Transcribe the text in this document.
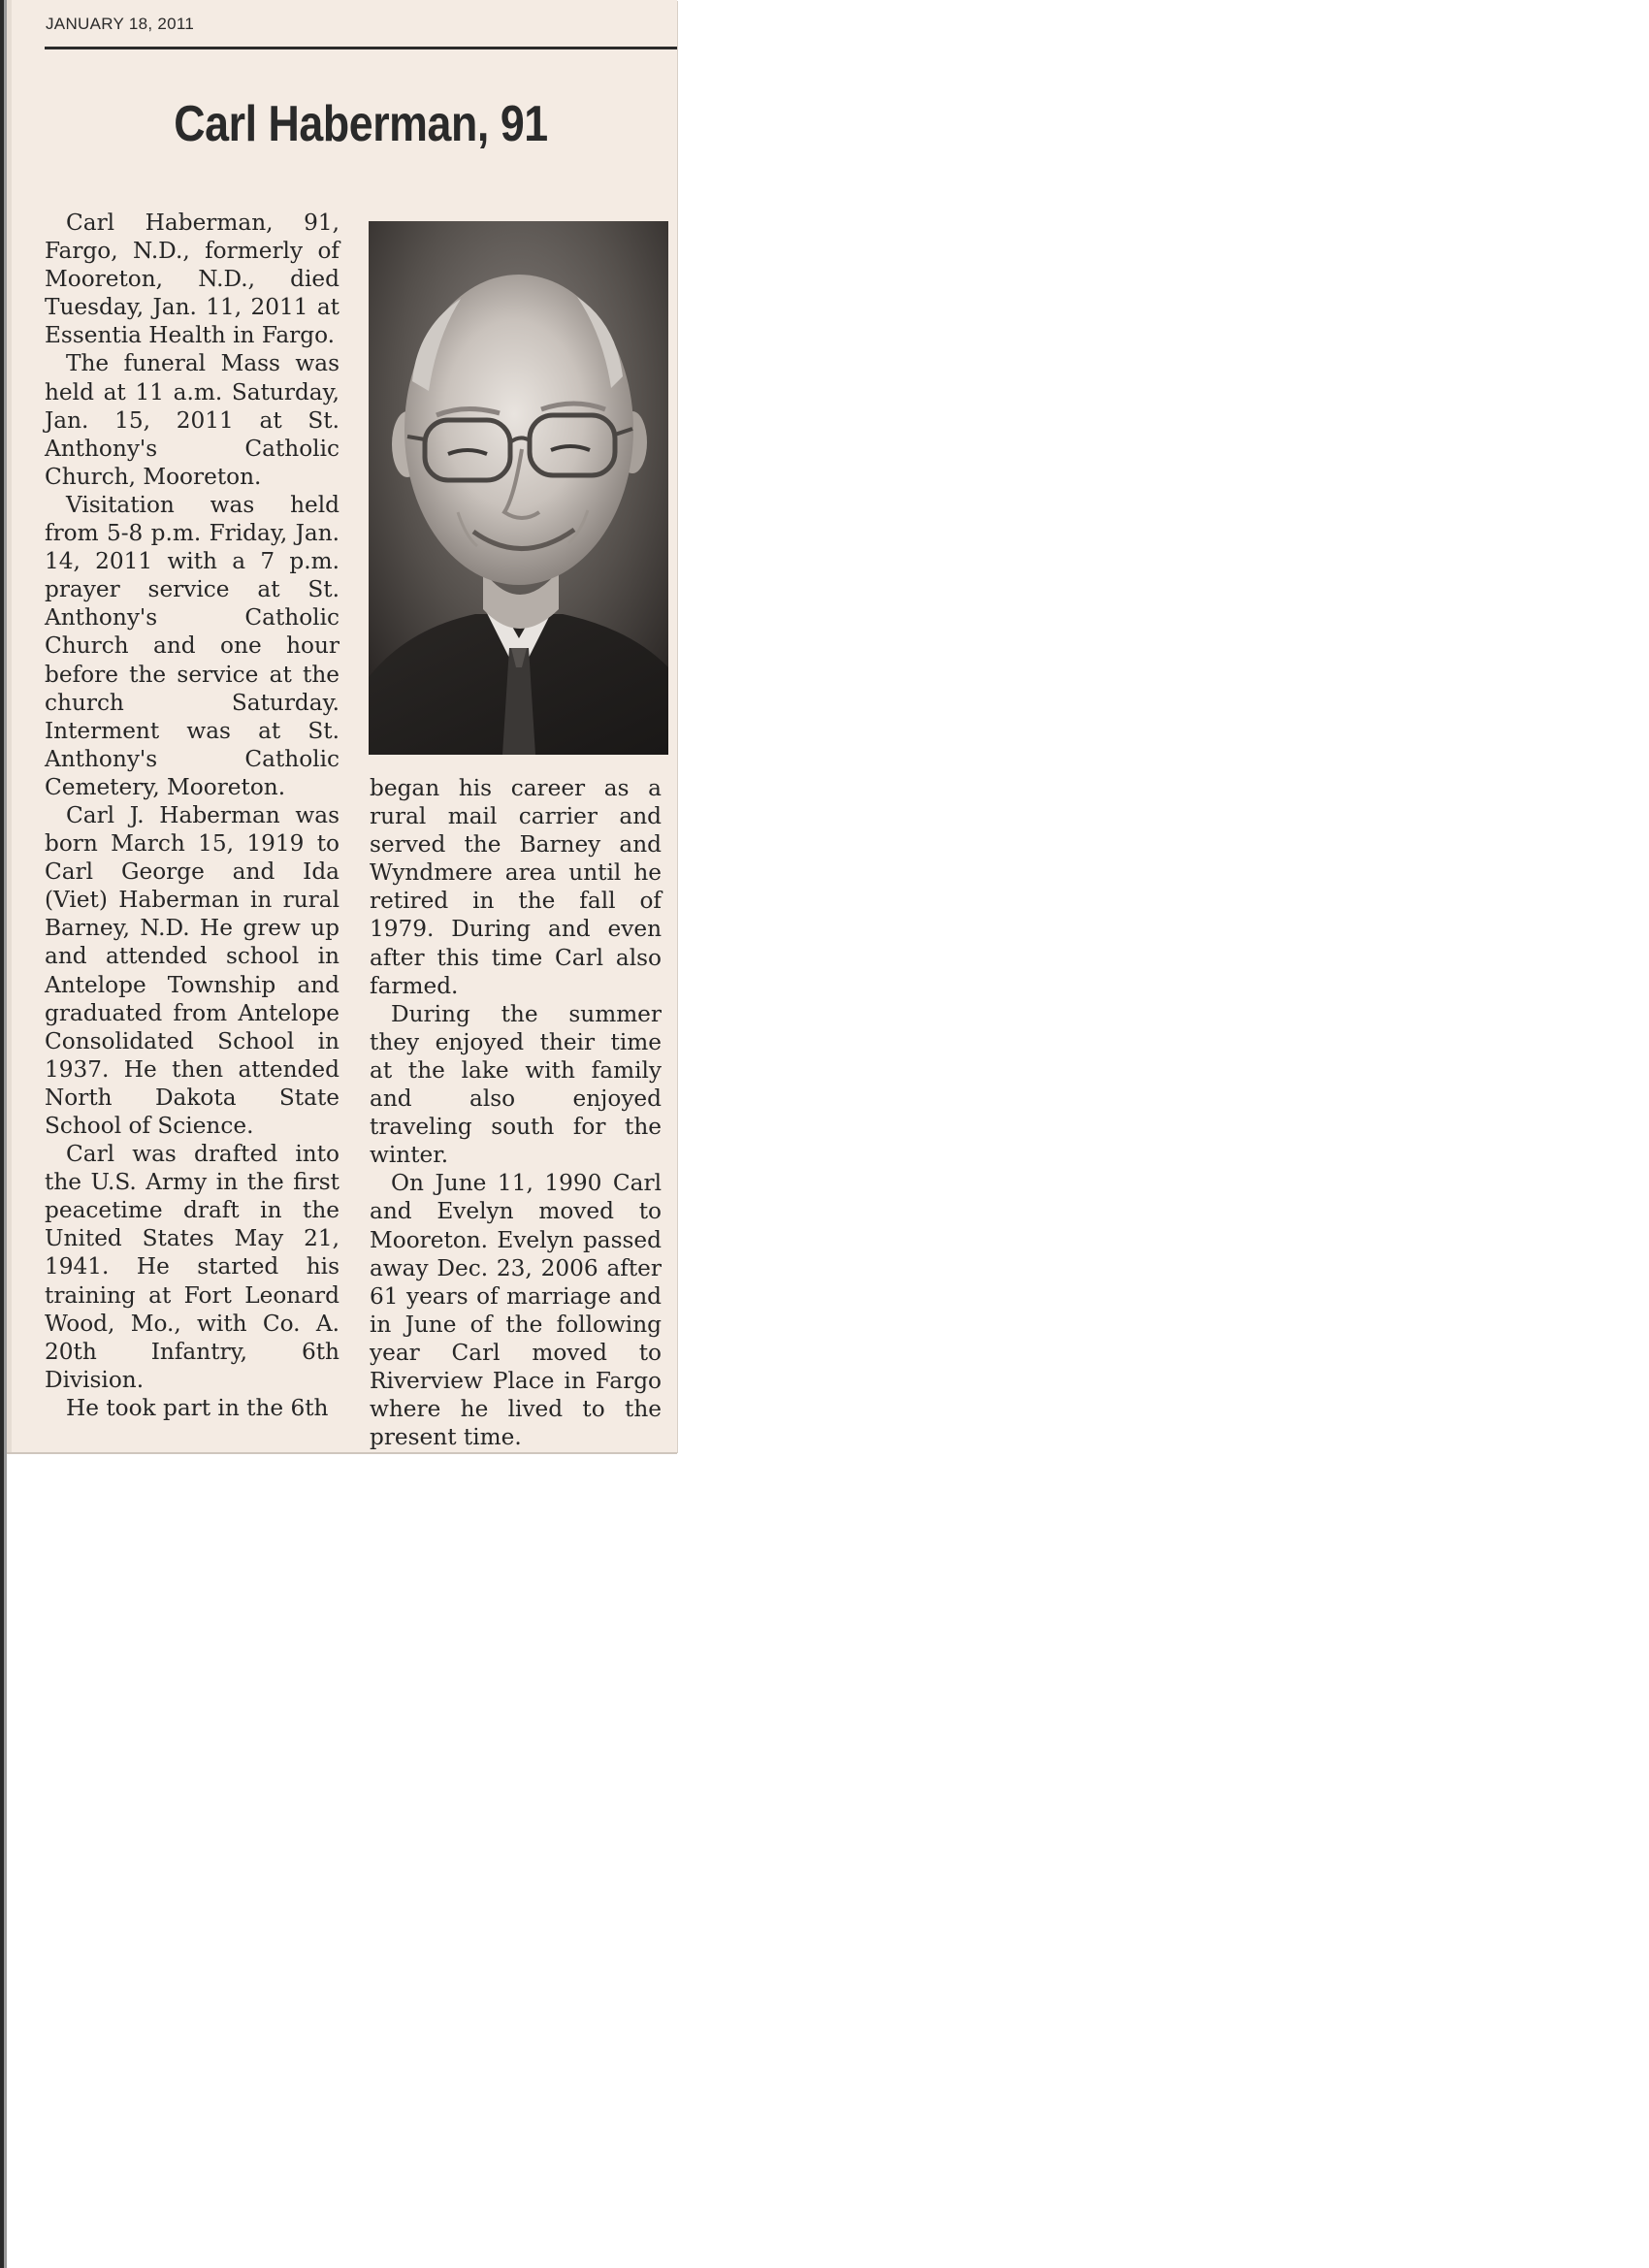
JANUARY 18, 2011
Carl Haberman, 91

Carl Haberman, 91, Fargo, N.D., formerly of Mooreton, N.D., died Tuesday, Jan. 11, 2011 at Essentia Health in Fargo.

The funeral Mass was held at 11 a.m. Saturday, Jan. 15, 2011 at St. Anthony's Catholic Church, Mooreton.

Visitation was held from 5-8 p.m. Friday, Jan. 14, 2011 with a 7 p.m. prayer service at St. Anthony's Catholic Church and one hour before the service at the church Saturday. Interment was at St. Anthony's Catholic Cemetery, Mooreton.

Carl J. Haberman was born March 15, 1919 to Carl George and Ida (Viet) Haberman in rural Barney, N.D. He grew up and attended school in Antelope Township and graduated from Antelope Consolidated School in 1937. He then attended North Dakota State School of Science.

Carl was drafted into the U.S. Army in the first peacetime draft in the United States May 21, 1941. He started his training at Fort Leonard Wood, Mo., with Co. A. 20th Infantry, 6th Division.

He took part in the 6th

began his career as a rural mail carrier and served the Barney and Wyndmere area until he retired in the fall of 1979. During and even after this time Carl also farmed.

During the summer they enjoyed their time at the lake with family and also enjoyed traveling south for the winter.

On June 11, 1990 Carl and Evelyn moved to Mooreton. Evelyn passed away Dec. 23, 2006 after 61 years of marriage and in June of the following year Carl moved to Riverview Place in Fargo where he lived to the present time.
